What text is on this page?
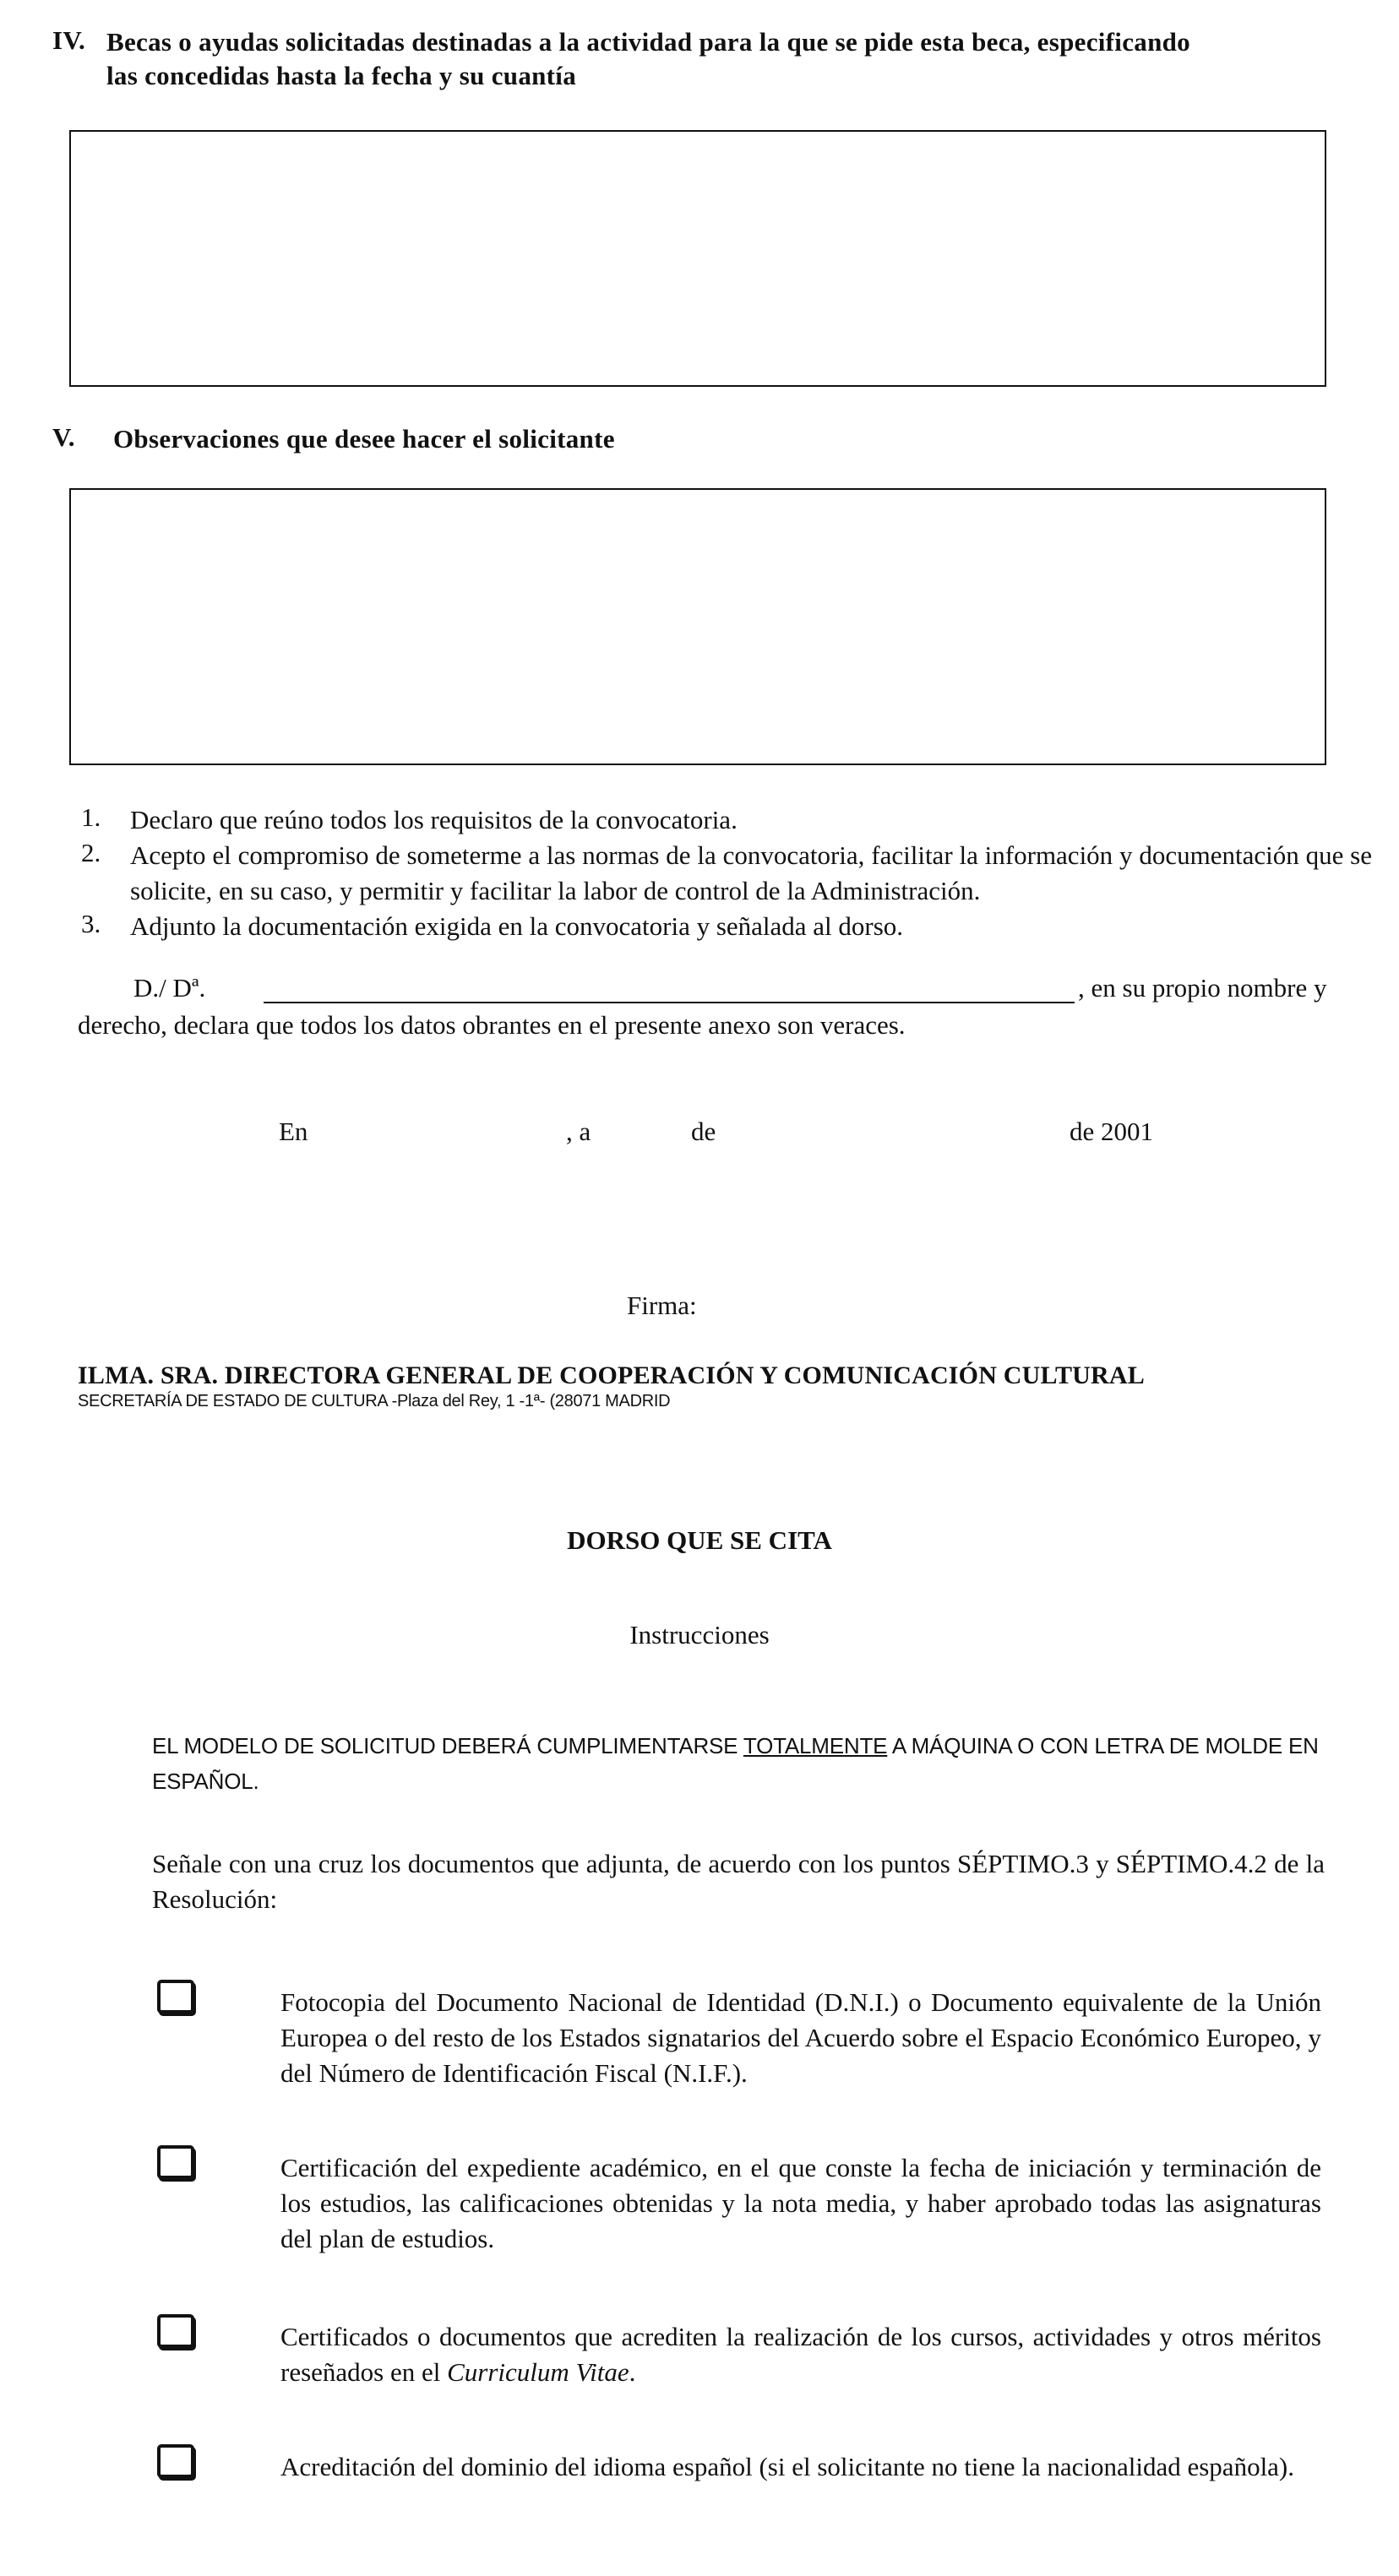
IV. Becas o ayudas solicitadas destinadas a la actividad para la que se pide esta beca, especificando
las concedidas hasta la fecha y su cuantía
V. Observaciones que desee hacer el solicitante
1. Declaro que reúno todos los requisitos de la convocatoria.
2. Acepto el compromiso de someterme a las normas de la convocatoria, facilitar la información y documentación que se solicite, en su caso, y permitir y facilitar la labor de control de la Administración.
3. Adjunto la documentación exigida en la convocatoria y señalada al dorso.
D./ Dª.	, en su propio nombre y
derecho, declara que todos los datos obrantes en el presente anexo son veraces.
En	, a	de	de 2001
Firma:
ILMA. SRA. DIRECTORA GENERAL DE COOPERACIÓN Y COMUNICACIÓN CULTURAL
SECRETARÍA DE ESTADO DE CULTURA -Plaza del Rey, 1 -1ª- (28071 MADRID
DORSO QUE SE CITA
Instrucciones
EL MODELO DE SOLICITUD DEBERÁ CUMPLIMENTARSE TOTALMENTE A MÁQUINA O CON LETRA DE MOLDE EN ESPAÑOL.
Señale con una cruz los documentos que adjunta, de acuerdo con los puntos SÉPTIMO.3 y SÉPTIMO.4.2 de la Resolución:
Fotocopia del Documento Nacional de Identidad (D.N.I.) o Documento equivalente de la Unión Europea o del resto de los Estados signatarios del Acuerdo sobre el Espacio Económico Europeo, y del Número de Identificación Fiscal (N.I.F.).
Certificación del expediente académico, en el que conste la fecha de iniciación y terminación de los estudios, las calificaciones obtenidas y la nota media, y haber aprobado todas las asignaturas del plan de estudios.
Certificados o documentos que acrediten la realización de los cursos, actividades y otros méritos reseñados en el Curriculum Vitae.
Acreditación del dominio del idioma español (si el solicitante no tiene la nacionalidad española).
